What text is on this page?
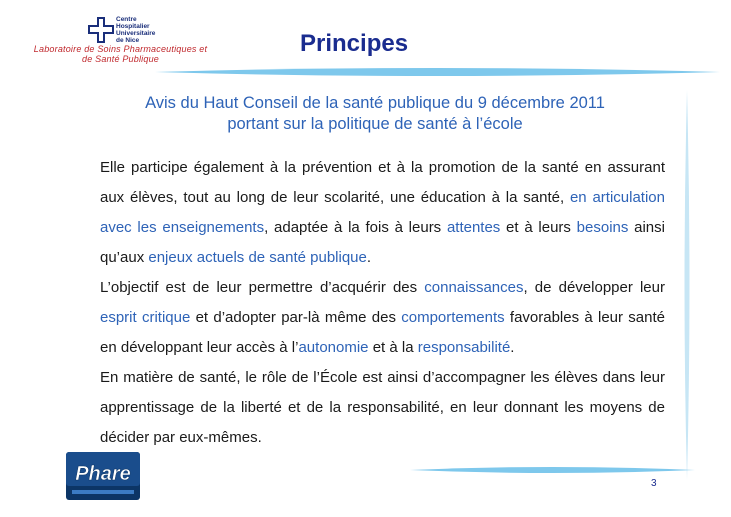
Centre
Hospitalier
Universitaire
de Nice
Laboratoire de Soins Pharmaceutiques et de Santé Publique
Principes
Avis du Haut Conseil de la santé publique du 9 décembre 2011
portant sur la politique de santé à l’école

Elle participe également à la prévention et à la promotion de la santé en assurant aux élèves, tout au long de leur scolarité, une éducation à la santé, en articulation avec les enseignements, adaptée à la fois à leurs attentes et à leurs besoins ainsi qu’aux enjeux actuels de santé publique.

L’objectif est de leur permettre d’acquérir des connaissances, de développer leur esprit critique et d’adopter par-là même des comportements favorables à leur santé en développant leur accès à l’autonomie et à la responsabilité.

En matière de santé, le rôle de l’École est ainsi d’accompagner les élèves dans leur apprentissage de la liberté et de la responsabilité, en leur donnant les moyens de décider par eux-mêmes.

Phare	3
